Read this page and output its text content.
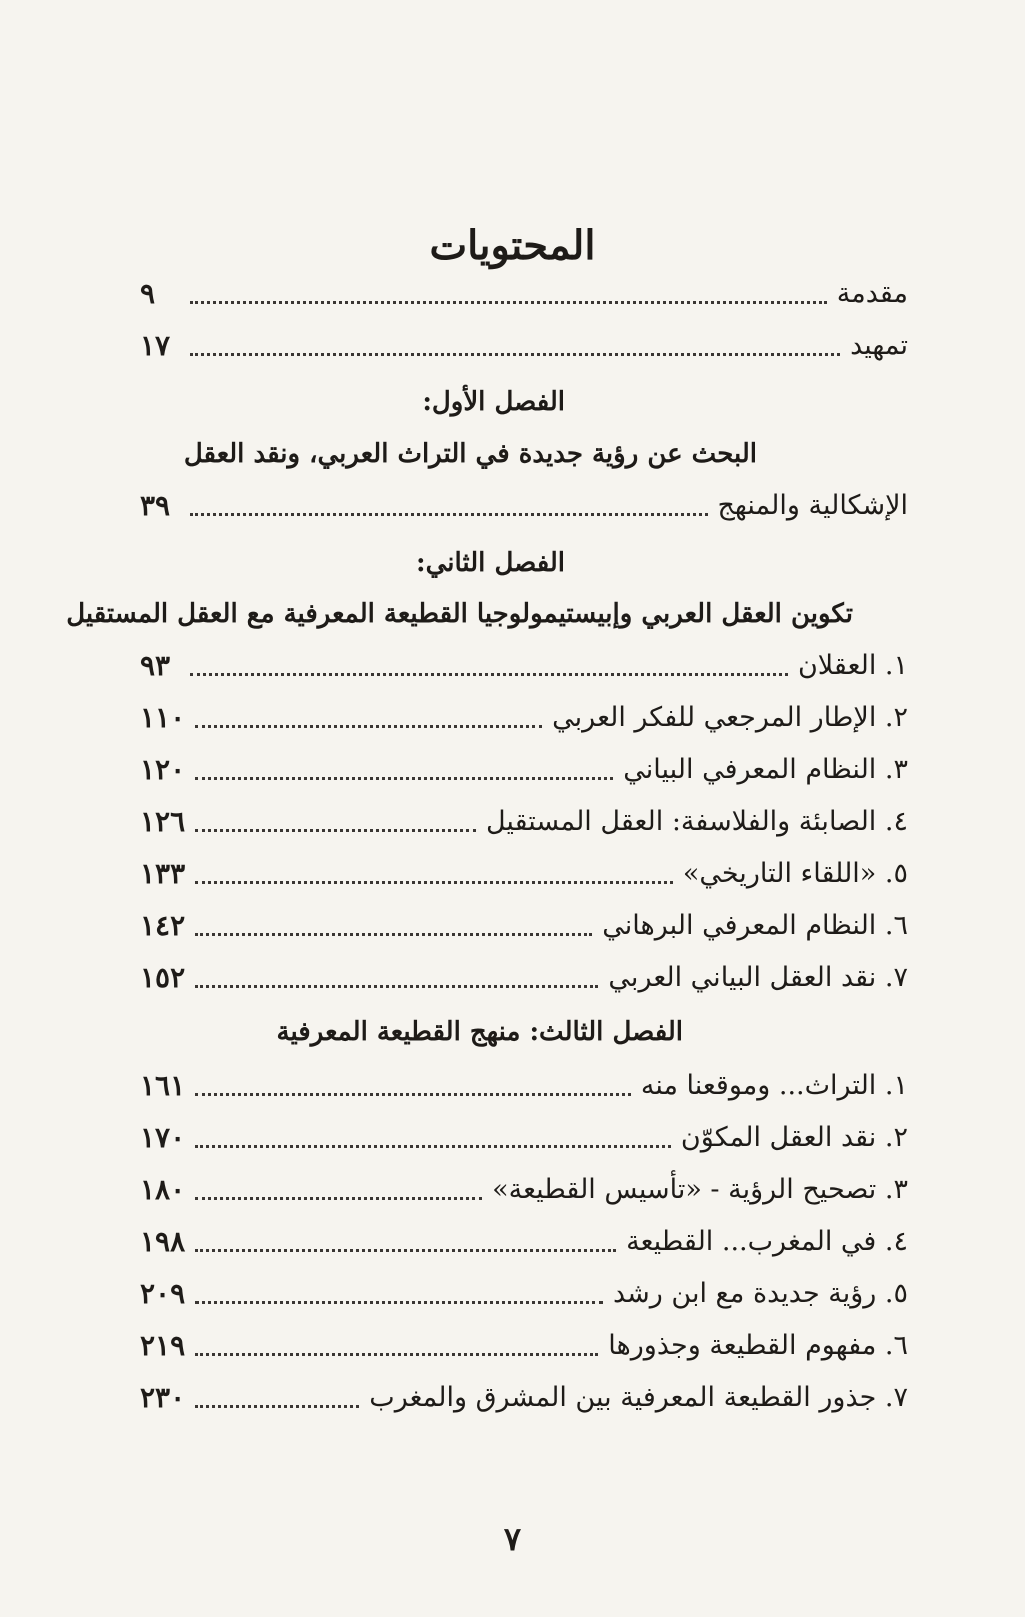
المحتويات
مقدمة
٩
تمهيد
١٧
الفصل الأول:
البحث عن رؤية جديدة في التراث العربي، ونقد العقل
الإشكالية والمنهج
٣٩
الفصل الثاني:
تكوين العقل العربي وإبيستيمولوجيا القطيعة المعرفية مع العقل المستقيل
١. العقلان
٩٣
٢. الإطار المرجعي للفكر العربي
١١٠
٣. النظام المعرفي البياني
١٢٠
٤. الصابئة والفلاسفة: العقل المستقيل
١٢٦
٥. «اللقاء التاريخي»
١٣٣
٦. النظام المعرفي البرهاني
١٤٢
٧. نقد العقل البياني العربي
١٥٢
الفصل الثالث: منهج القطيعة المعرفية
١. التراث... وموقعنا منه
١٦١
٢. نقد العقل المكوّن
١٧٠
٣. تصحيح الرؤية - «تأسيس القطيعة»
١٨٠
٤. في المغرب... القطيعة
١٩٨
٥. رؤية جديدة مع ابن رشد
٢٠٩
٦. مفهوم القطيعة وجذورها
٢١٩
٧. جذور القطيعة المعرفية بين المشرق والمغرب
٢٣٠
٧
